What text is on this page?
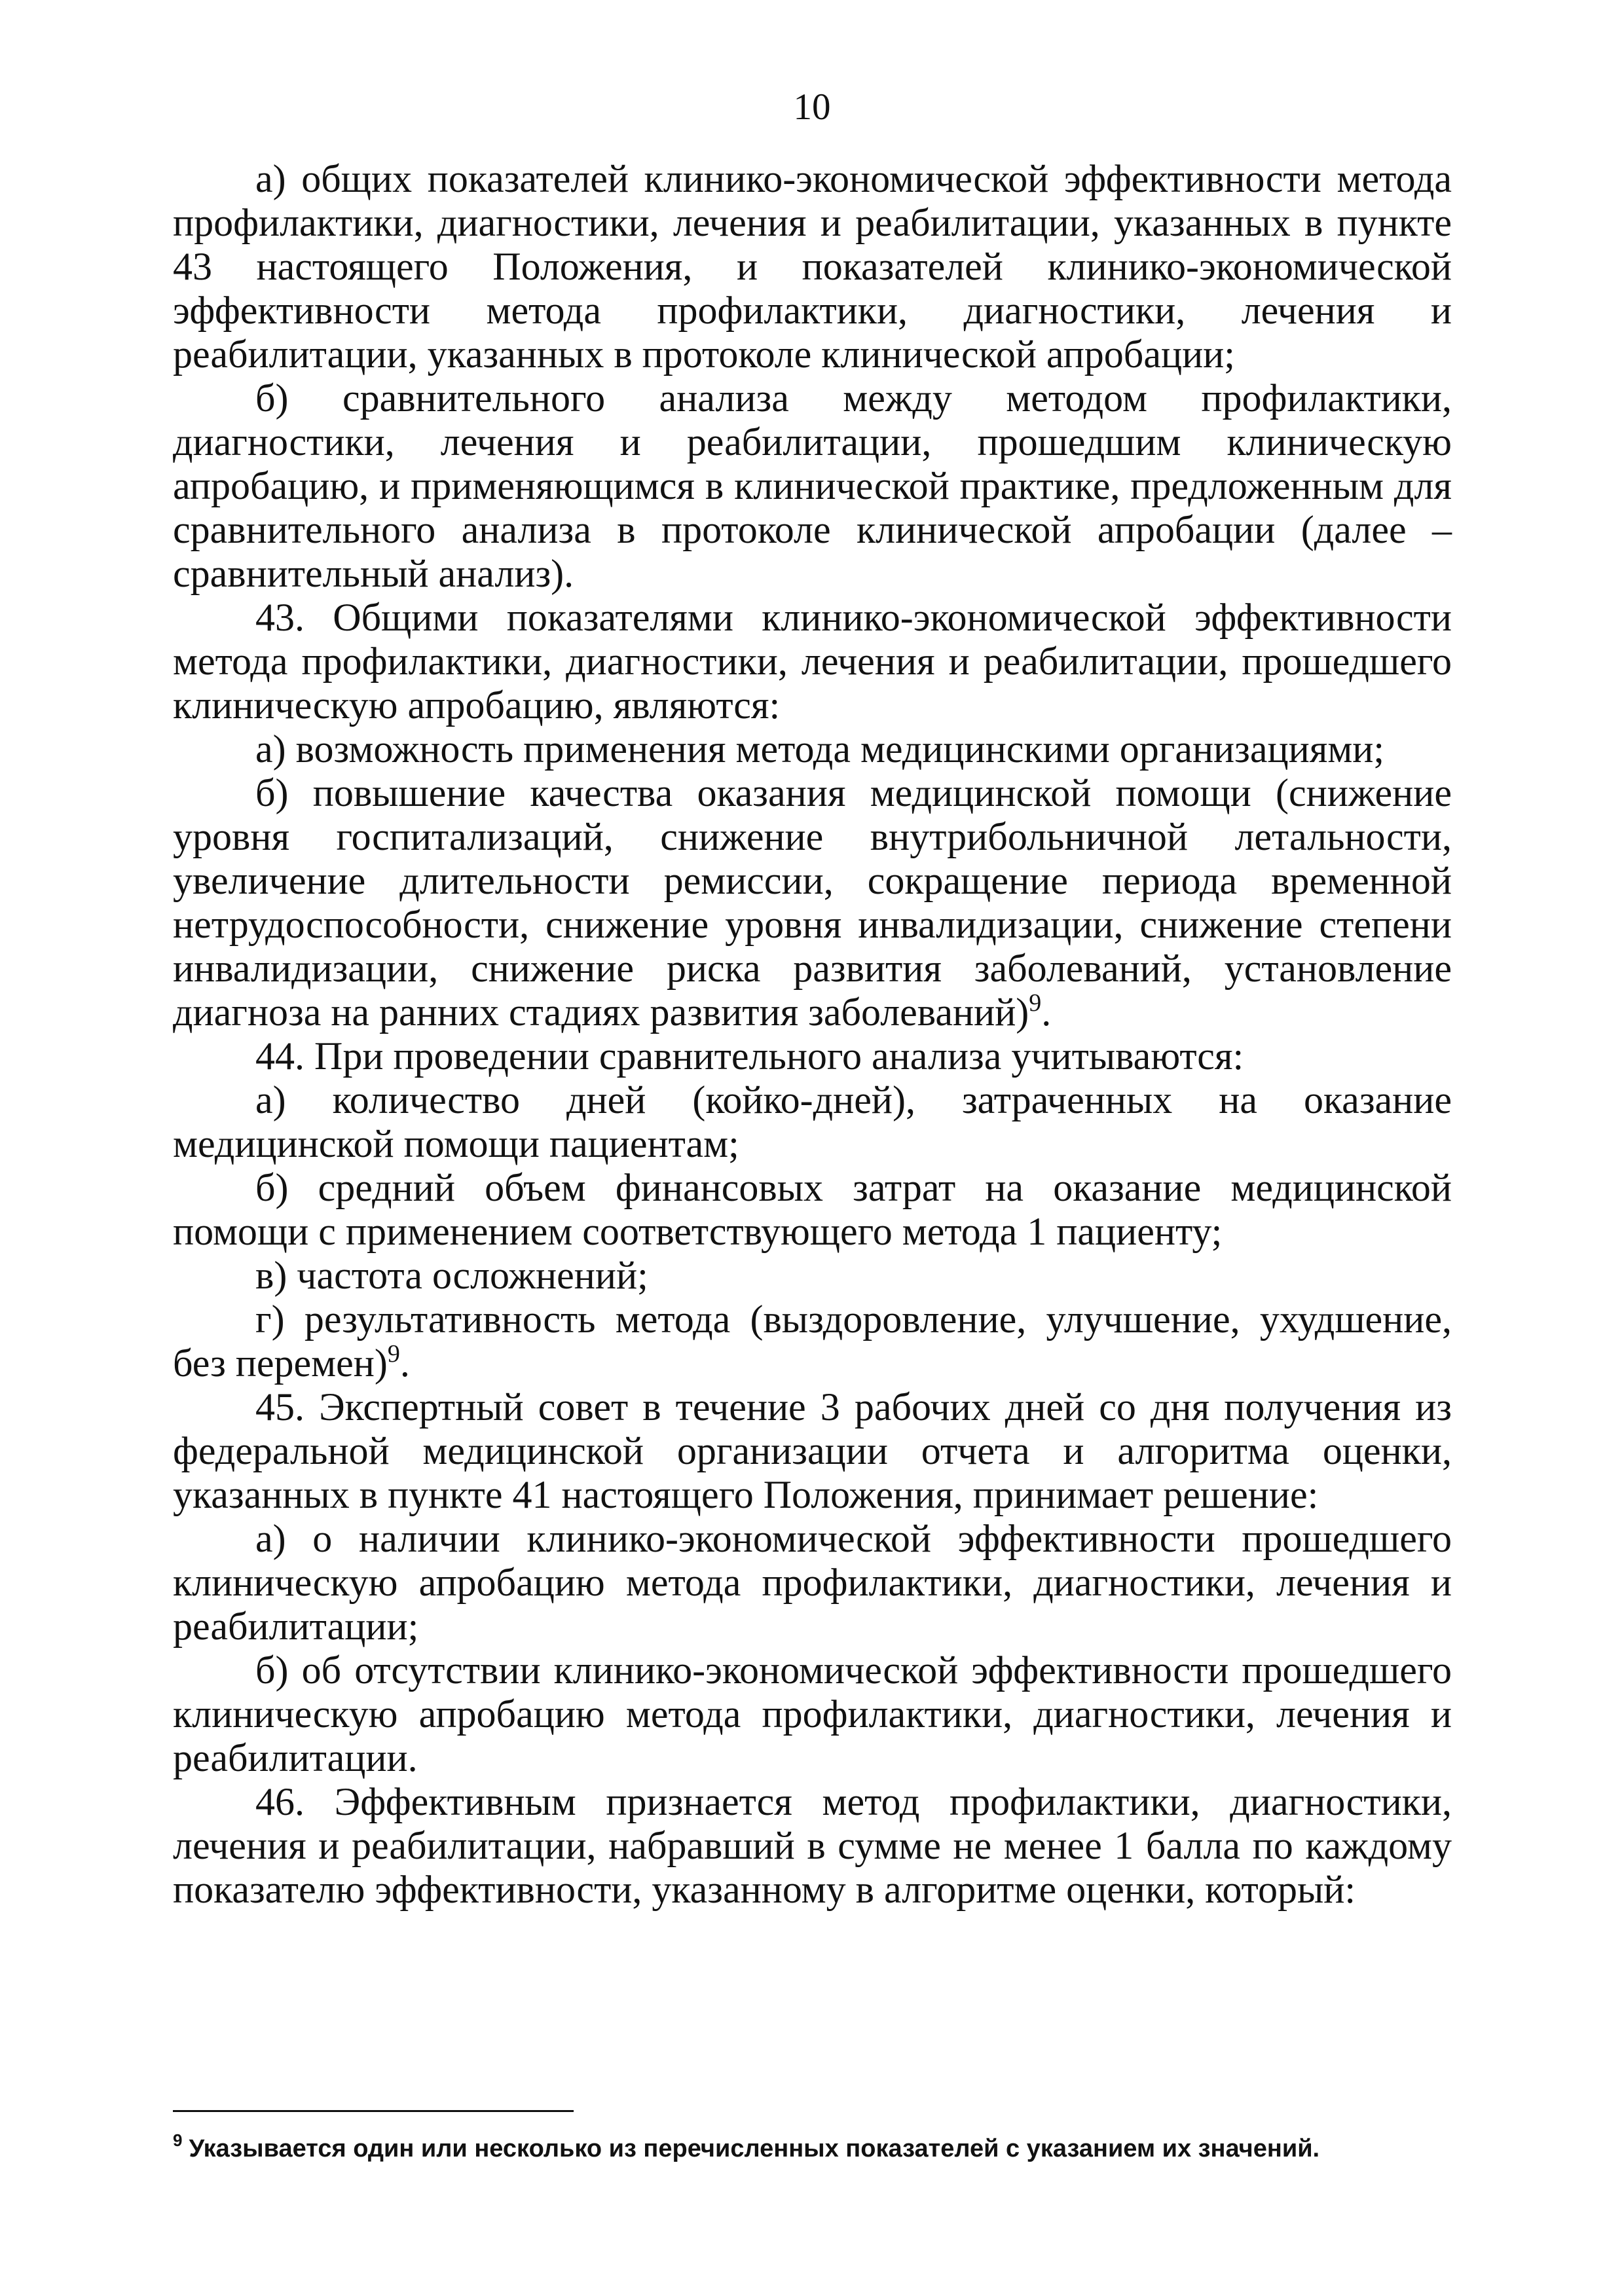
10

а) общих показателей клинико-экономической эффективности метода профилактики, диагностики, лечения и реабилитации, указанных в пункте 43 настоящего Положения, и показателей клинико-экономической эффективности метода профилактики, диагностики, лечения и реабилитации, указанных в протоколе клинической апробации;

б) сравнительного анализа между методом профилактики, диагностики, лечения и реабилитации, прошедшим клиническую апробацию, и применяющимся в клинической практике, предложенным для сравнительного анализа в протоколе клинической апробации (далее – сравнительный анализ).

43. Общими показателями клинико-экономической эффективности метода профилактики, диагностики, лечения и реабилитации, прошедшего клиническую апробацию, являются:

а) возможность применения метода медицинскими организациями;

б) повышение качества оказания медицинской помощи (снижение уровня госпитализаций, снижение внутрибольничной летальности, увеличение длительности ремиссии, сокращение периода временной нетрудоспособности, снижение уровня инвалидизации, снижение степени инвалидизации, снижение риска развития заболеваний, установление диагноза на ранних стадиях развития заболеваний)$^9$.

44. При проведении сравнительного анализа учитываются:

а) количество дней (койко-дней), затраченных на оказание медицинской помощи пациентам;

б) средний объем финансовых затрат на оказание медицинской помощи с применением соответствующего метода 1 пациенту;

в) частота осложнений;

г) результативность метода (выздоровление, улучшение, ухудшение, без перемен)$^9$.

45. Экспертный совет в течение 3 рабочих дней со дня получения из федеральной медицинской организации отчета и алгоритма оценки, указанных в пункте 41 настоящего Положения, принимает решение:

а) о наличии клинико-экономической эффективности прошедшего клиническую апробацию метода профилактики, диагностики, лечения и реабилитации;

б) об отсутствии клинико-экономической эффективности прошедшего клиническую апробацию метода профилактики, диагностики, лечения и реабилитации.

46. Эффективным признается метод профилактики, диагностики, лечения и реабилитации, набравший в сумме не менее 1 балла по каждому показателю эффективности, указанному в алгоритме оценки, который:

$^9$ Указывается один или несколько из перечисленных показателей с указанием их значений.
